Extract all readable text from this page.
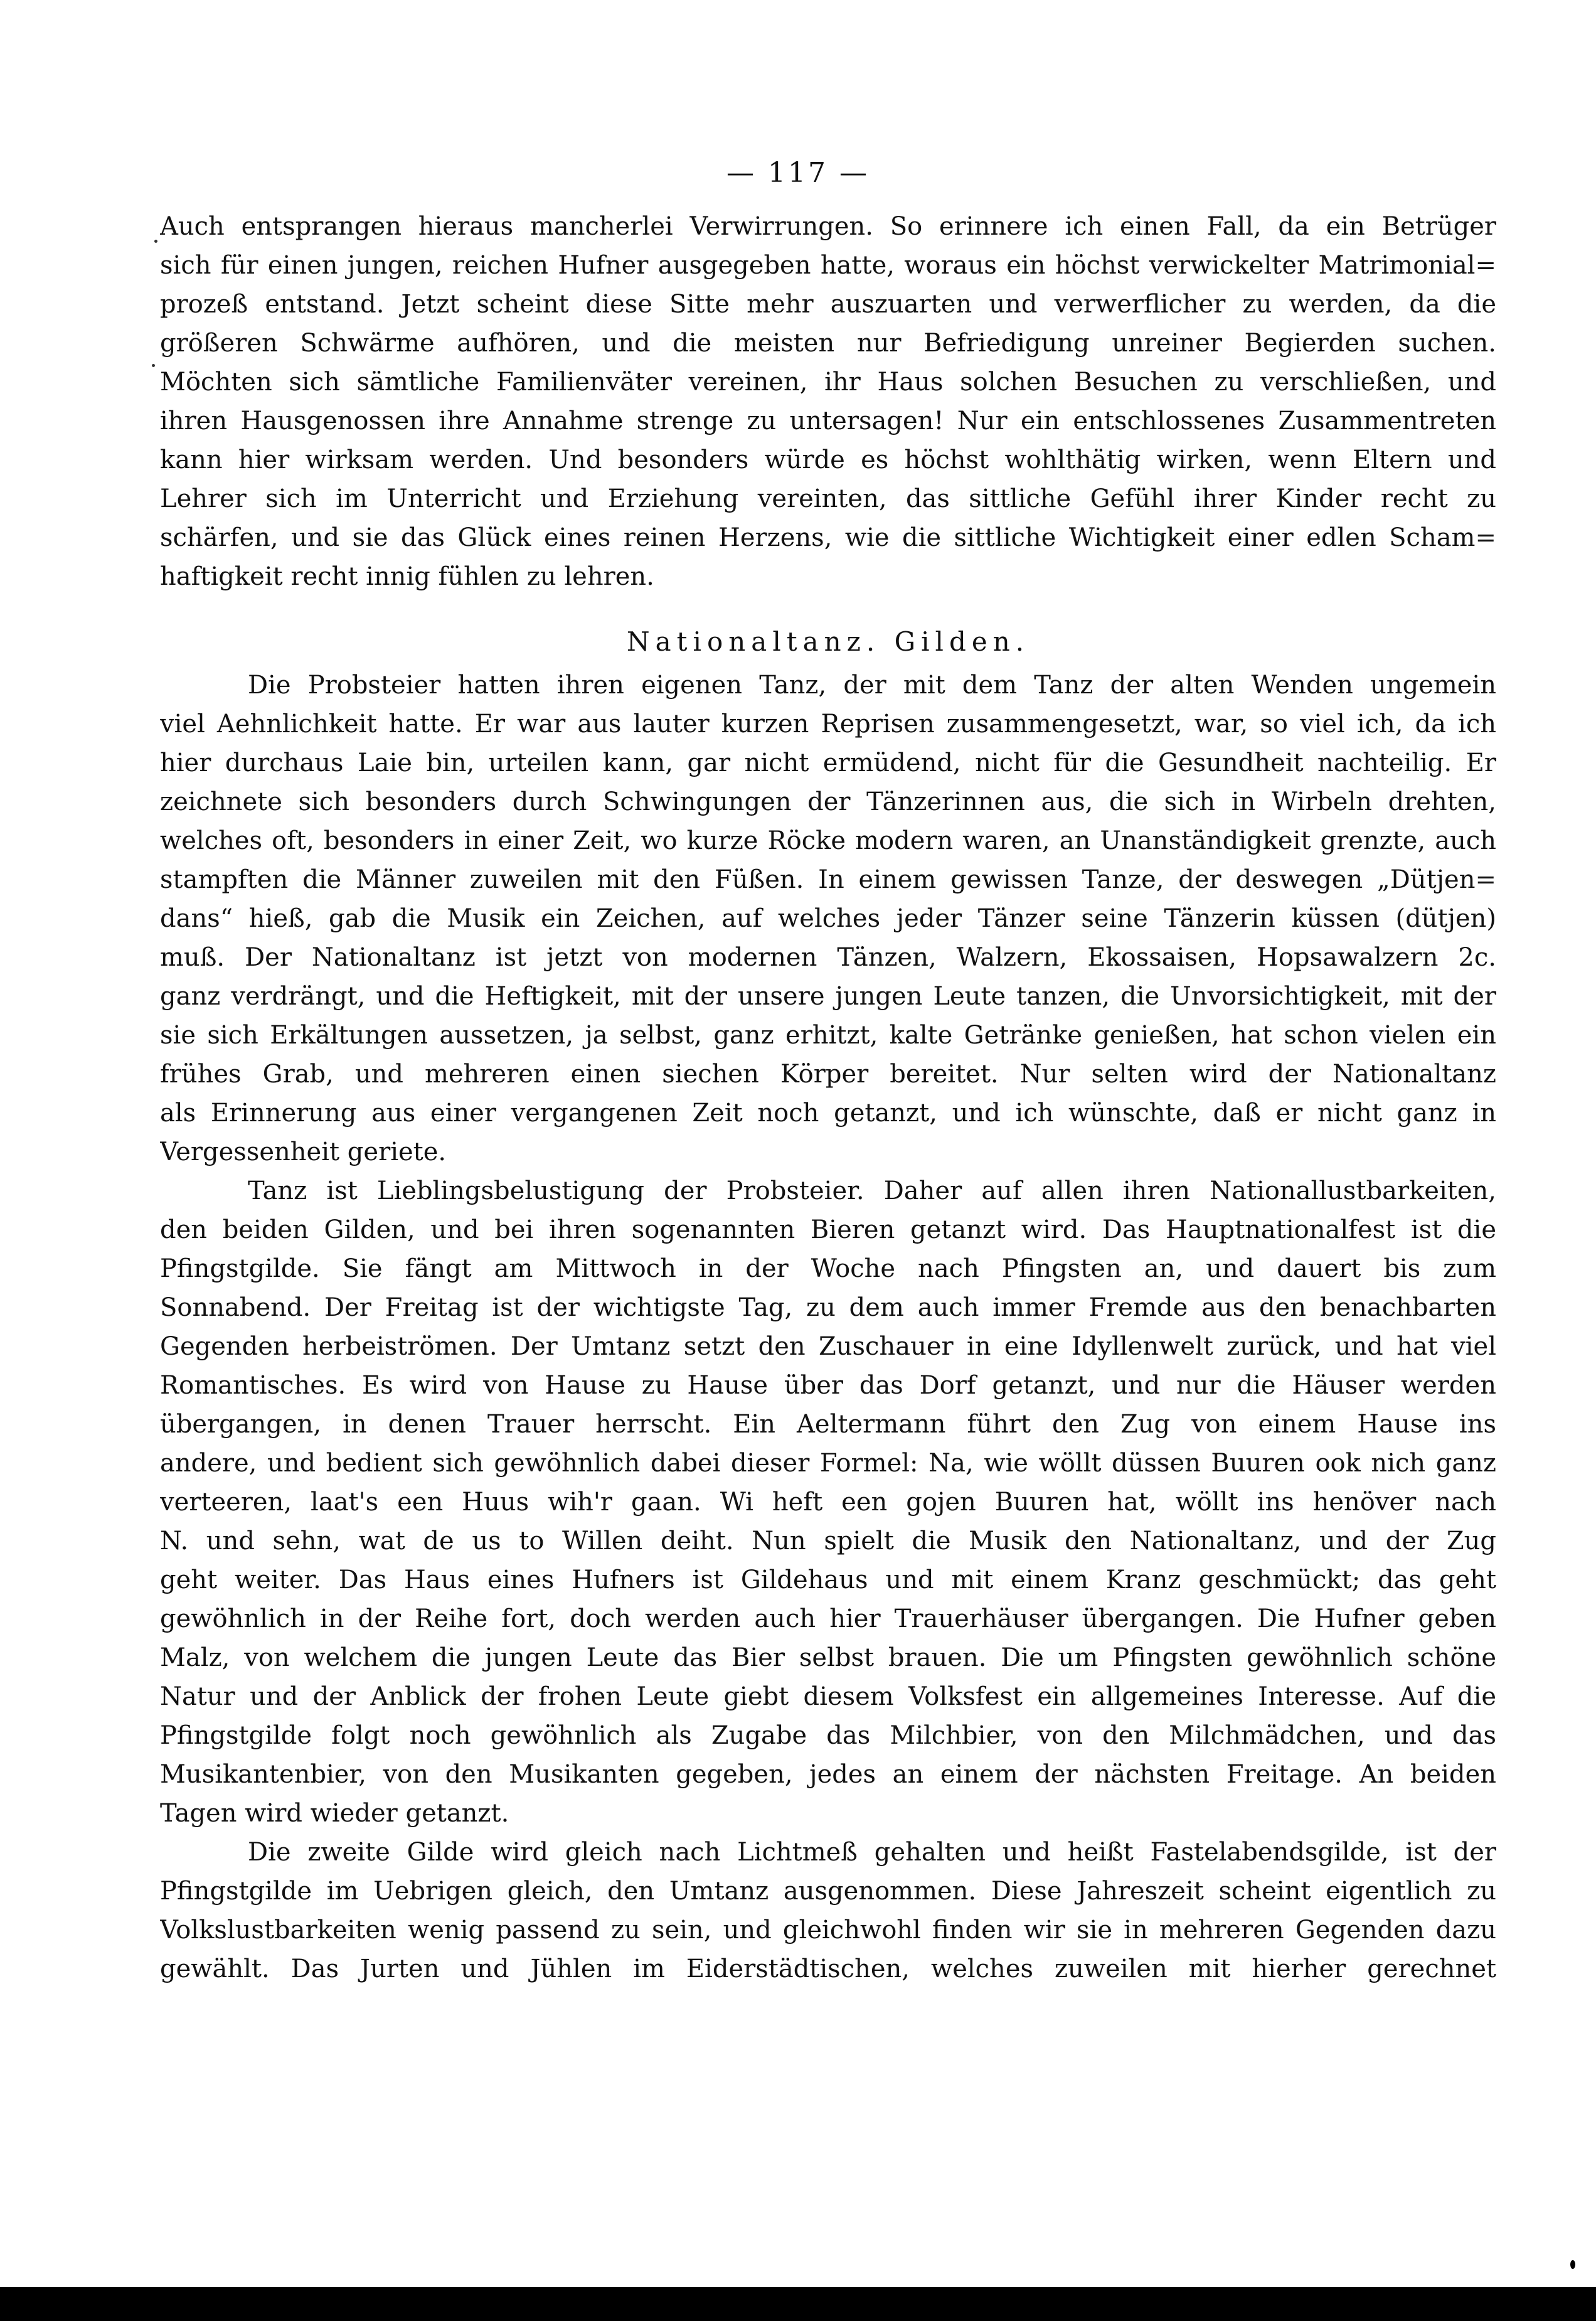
— 117 —
Auch entsprangen hieraus mancherlei Verwirrungen. So erinnere ich einen Fall, da ein Betrüger
sich für einen jungen, reichen Hufner ausgegeben hatte, woraus ein höchst verwickelter Matrimonial=
prozeß entstand. Jetzt scheint diese Sitte mehr auszuarten und verwerflicher zu werden, da die
größeren Schwärme aufhören, und die meisten nur Befriedigung unreiner Begierden suchen.
Möchten sich sämtliche Familienväter vereinen, ihr Haus solchen Besuchen zu verschließen, und
ihren Hausgenossen ihre Annahme strenge zu untersagen! Nur ein entschlossenes Zusammentreten
kann hier wirksam werden. Und besonders würde es höchst wohlthätig wirken, wenn Eltern und
Lehrer sich im Unterricht und Erziehung vereinten, das sittliche Gefühl ihrer Kinder recht zu
schärfen, und sie das Glück eines reinen Herzens, wie die sittliche Wichtigkeit einer edlen Scham=
haftigkeit recht innig fühlen zu lehren.
Nationaltanz. Gilden.
Die Probsteier hatten ihren eigenen Tanz, der mit dem Tanz der alten Wenden ungemein
viel Aehnlichkeit hatte. Er war aus lauter kurzen Reprisen zusammengesetzt, war, so viel ich, da ich
hier durchaus Laie bin, urteilen kann, gar nicht ermüdend, nicht für die Gesundheit nachteilig. Er
zeichnete sich besonders durch Schwingungen der Tänzerinnen aus, die sich in Wirbeln drehten,
welches oft, besonders in einer Zeit, wo kurze Röcke modern waren, an Unanständigkeit grenzte, auch
stampften die Männer zuweilen mit den Füßen. In einem gewissen Tanze, der deswegen „Dütjen=
dans“ hieß, gab die Musik ein Zeichen, auf welches jeder Tänzer seine Tänzerin küssen (dütjen)
muß. Der Nationaltanz ist jetzt von modernen Tänzen, Walzern, Ekossaisen, Hopsawalzern 2c.
ganz verdrängt, und die Heftigkeit, mit der unsere jungen Leute tanzen, die Unvorsichtigkeit, mit der
sie sich Erkältungen aussetzen, ja selbst, ganz erhitzt, kalte Getränke genießen, hat schon vielen ein
frühes Grab, und mehreren einen siechen Körper bereitet. Nur selten wird der Nationaltanz
als Erinnerung aus einer vergangenen Zeit noch getanzt, und ich wünschte, daß er nicht ganz in
Vergessenheit geriete.
Tanz ist Lieblingsbelustigung der Probsteier. Daher auf allen ihren Nationallustbarkeiten,
den beiden Gilden, und bei ihren sogenannten Bieren getanzt wird. Das Hauptnationalfest ist die
Pfingstgilde. Sie fängt am Mittwoch in der Woche nach Pfingsten an, und dauert bis zum
Sonnabend. Der Freitag ist der wichtigste Tag, zu dem auch immer Fremde aus den benachbarten
Gegenden herbeiströmen. Der Umtanz setzt den Zuschauer in eine Idyllenwelt zurück, und hat viel
Romantisches. Es wird von Hause zu Hause über das Dorf getanzt, und nur die Häuser werden
übergangen, in denen Trauer herrscht. Ein Aeltermann führt den Zug von einem Hause ins
andere, und bedient sich gewöhnlich dabei dieser Formel: Na, wie wöllt düssen Buuren ook nich ganz
verteeren, laat's een Huus wih'r gaan. Wi heft een gojen Buuren hat, wöllt ins henöver nach
N. und sehn, wat de us to Willen deiht. Nun spielt die Musik den Nationaltanz, und der Zug
geht weiter. Das Haus eines Hufners ist Gildehaus und mit einem Kranz geschmückt; das geht
gewöhnlich in der Reihe fort, doch werden auch hier Trauerhäuser übergangen. Die Hufner geben
Malz, von welchem die jungen Leute das Bier selbst brauen. Die um Pfingsten gewöhnlich schöne
Natur und der Anblick der frohen Leute giebt diesem Volksfest ein allgemeines Interesse. Auf die
Pfingstgilde folgt noch gewöhnlich als Zugabe das Milchbier, von den Milchmädchen, und das
Musikantenbier, von den Musikanten gegeben, jedes an einem der nächsten Freitage. An beiden
Tagen wird wieder getanzt.
Die zweite Gilde wird gleich nach Lichtmeß gehalten und heißt Fastelabendsgilde, ist der
Pfingstgilde im Uebrigen gleich, den Umtanz ausgenommen. Diese Jahreszeit scheint eigentlich zu
Volkslustbarkeiten wenig passend zu sein, und gleichwohl finden wir sie in mehreren Gegenden dazu
gewählt. Das Jurten und Jühlen im Eiderstädtischen, welches zuweilen mit hierher gerechnet
